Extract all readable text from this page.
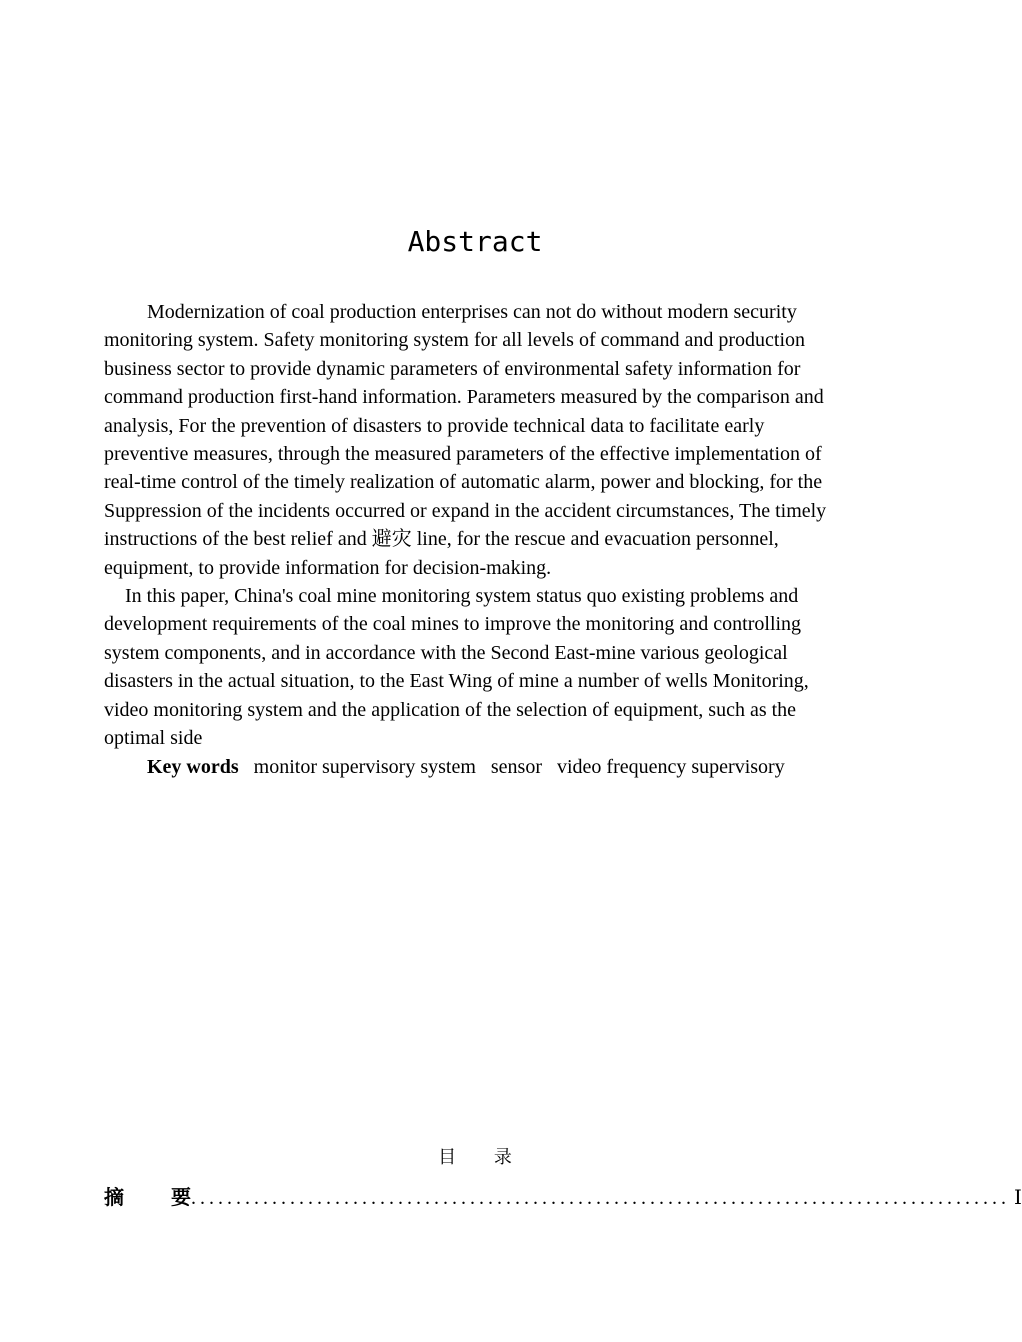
Abstract

Modernization of coal production enterprises can not do without modern security monitoring system. Safety monitoring system for all levels of command and production business sector to provide dynamic parameters of environmental safety information for command production first-hand information. Parameters measured by the comparison and analysis, For the prevention of disasters to provide technical data to facilitate early preventive measures, through the measured parameters of the effective implementation of real-time control of the timely realization of automatic alarm, power and blocking, for the Suppression of the incidents occurred or expand in the accident circumstances, The timely instructions of the best relief and 避灾 line, for the rescue and evacuation personnel, equipment, to provide information for decision-making.

In this paper, China's coal mine monitoring system status quo existing problems and development requirements of the coal mines to improve the monitoring and controlling system components, and in accordance with the Second East-mine various geological disasters in the actual situation, to the East Wing of mine a number of wells Monitoring, video monitoring system and the application of the selection of equipment, such as the optimal side

Key words monitor supervisory system sensor video frequency supervisory

目 录
摘 要
........................................................................................... I
